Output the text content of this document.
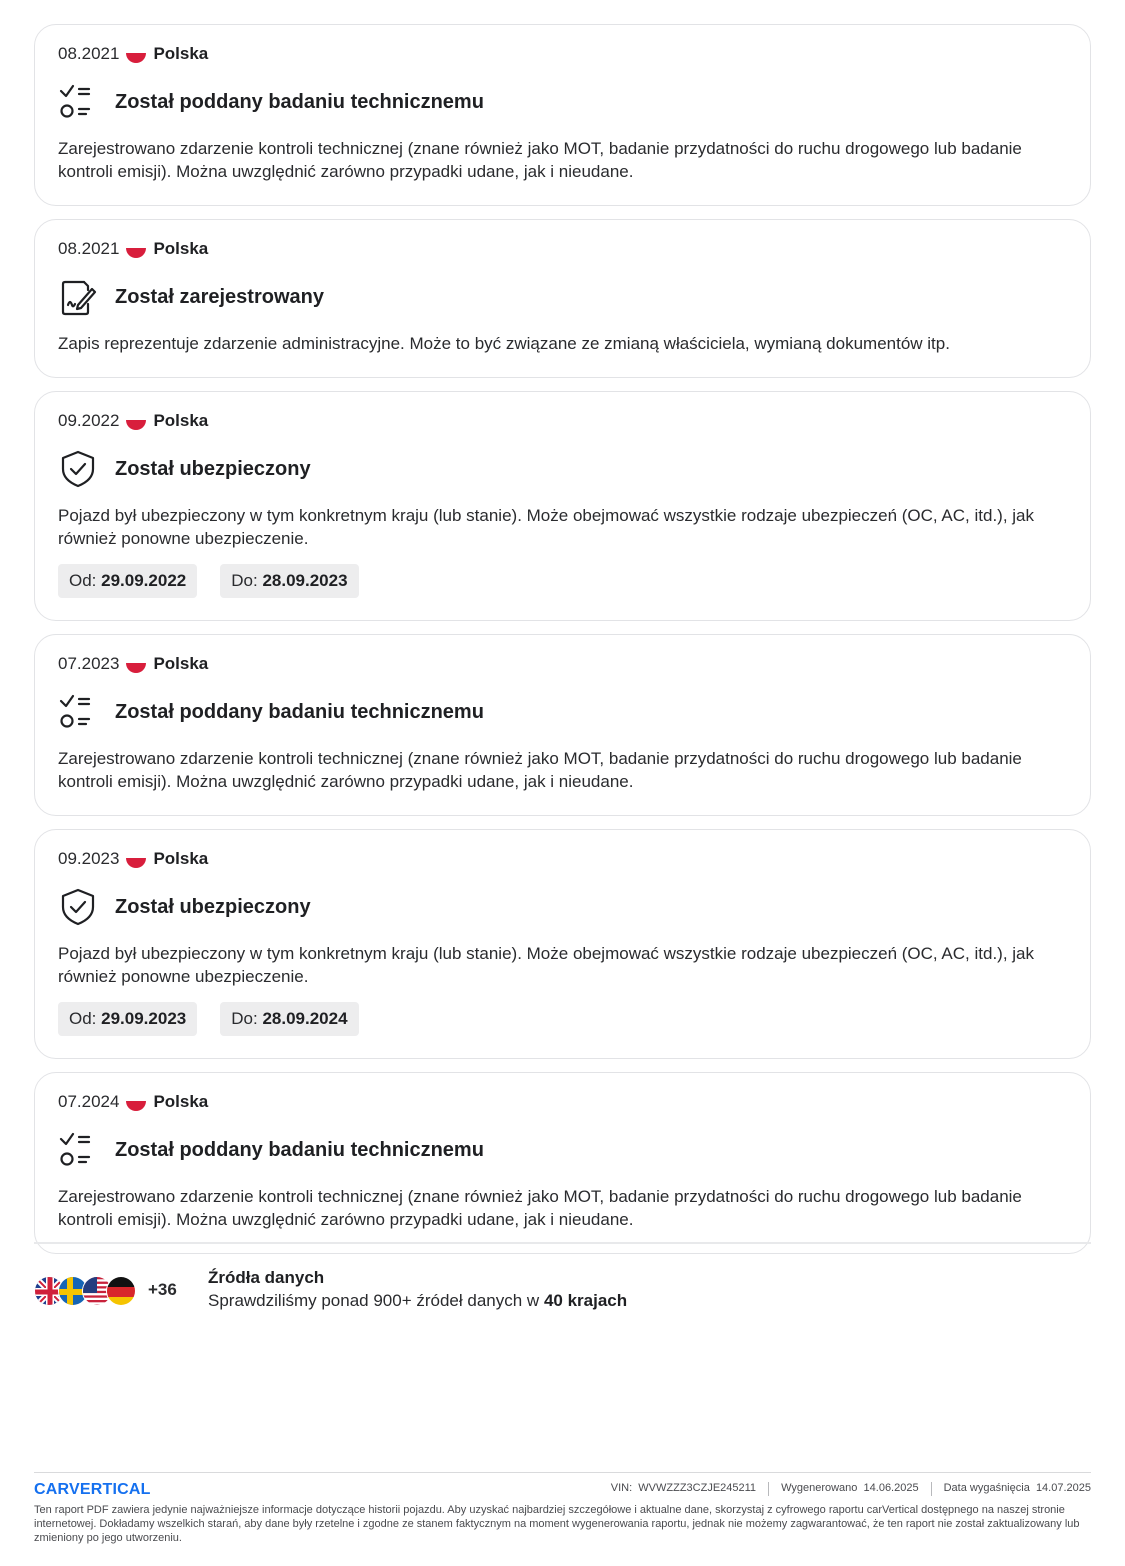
08.2021 Polska
Został poddany badaniu technicznemu
Zarejestrowano zdarzenie kontroli technicznej (znane również jako MOT, badanie przydatności do ruchu drogowego lub badanie kontroli emisji). Można uwzględnić zarówno przypadki udane, jak i nieudane.
08.2021 Polska
Został zarejestrowany
Zapis reprezentuje zdarzenie administracyjne. Może to być związane ze zmianą właściciela, wymianą dokumentów itp.
09.2022 Polska
Został ubezpieczony
Pojazd był ubezpieczony w tym konkretnym kraju (lub stanie). Może obejmować wszystkie rodzaje ubezpieczeń (OC, AC, itd.), jak również ponowne ubezpieczenie.
Od: 29.09.2022	Do: 28.09.2023
07.2023 Polska
Został poddany badaniu technicznemu
Zarejestrowano zdarzenie kontroli technicznej (znane również jako MOT, badanie przydatności do ruchu drogowego lub badanie kontroli emisji). Można uwzględnić zarówno przypadki udane, jak i nieudane.
09.2023 Polska
Został ubezpieczony
Pojazd był ubezpieczony w tym konkretnym kraju (lub stanie). Może obejmować wszystkie rodzaje ubezpieczeń (OC, AC, itd.), jak również ponowne ubezpieczenie.
Od: 29.09.2023	Do: 28.09.2024
07.2024 Polska
Został poddany badaniu technicznemu
Zarejestrowano zdarzenie kontroli technicznej (znane również jako MOT, badanie przydatności do ruchu drogowego lub badanie kontroli emisji). Można uwzględnić zarówno przypadki udane, jak i nieudane.
+36
Źródła danych
Sprawdziliśmy ponad 900+ źródeł danych w 40 krajach
CARVERTICAL	VIN: WVWZZZ3CZJE245211 Wygenerowano 14.06.2025 Data wygaśnięcia 14.07.2025
Ten raport PDF zawiera jedynie najważniejsze informacje dotyczące historii pojazdu. Aby uzyskać najbardziej szczegółowe i aktualne dane, skorzystaj z cyfrowego raportu carVertical dostępnego na naszej stronie internetowej. Dokładamy wszelkich starań, aby dane były rzetelne i zgodne ze stanem faktycznym na moment wygenerowania raportu, jednak nie możemy zagwarantować, że ten raport nie został zaktualizowany lub zmieniony po jego utworzeniu.
